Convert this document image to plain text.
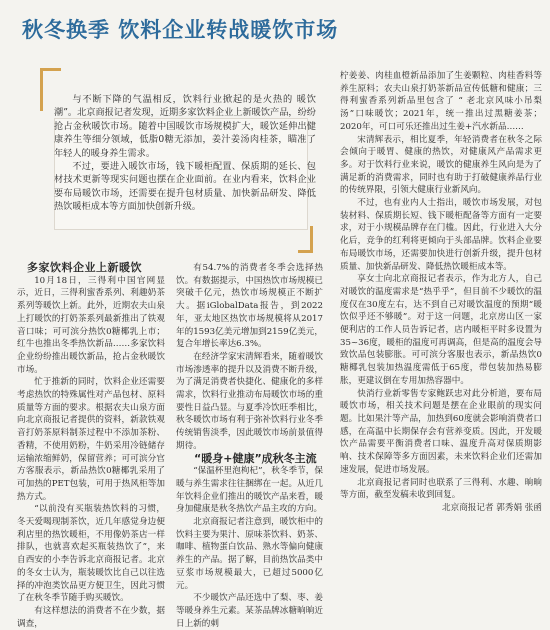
秋冬换季 饮料企业转战暖饮市场

与不断下降的气温相反，饮料行业掀起的是火热的 暖饮潮”。北京商报记者发现，近期多家饮料企业上新暖饮产品，纷纷抢占金秋暖饮市场。随着中国暖饮市场规模扩大，暖饮延伸出健康养生等细分领域，低脂0糖无添加，姜汁姜汤肉桂茶，瞄准了年轻人的暖身养生需求。

不过，要进入暖饮市场，钱下暖柜配置、保质期的延长、包材技术更新等现实问题也摆在企业面前。在业内看来，饮料企业要布局暖饮市场，还需要在提升包材质量、加快新品研发、降低热饮暖柜成本等方面加快创新升级。

多家饮料企业上新暖饮

10月18日，三得利中国官网显示，近日，三得利蜜香系列、利趣奶茶系列等暖饮上新。此外，近期农夫山泉上打暖饮的打奶茶系列最新推出了铁观音口味；可可滨分热饮0糖椰乳上市；红牛也推出冬季热饮新品……多家饮料企业纷纷推出暖饮新品，抢占金秋暖饮市场。

忙于推新的同时，饮料企业还需要考虑热饮的特殊属性对产品包材、原料质量等方面的要求。根据农夫山泉方面向北京商报记者提供的资料，新款铁观音打奶茶原料制茶过程中不添加茶粉、香精，不使用奶粉，牛奶采用冷链储存运输浓缩鲜奶，保留营养；可可滨分官方客服表示，新品热饮0糖椰乳采用了可加热的PET包装，可用于热风柜等加热方式。

“以前没有买瓶装热饮料的习惯，冬天爱喝现制茶饮，近几年感觉身边便利店里的热饮暖柜，不用像奶茶店一样排队，也就喜欢起买瓶装热饮了”，来自西安的小李告诉北京商报记者。北京的冬女士认为，瓶装暖饮比自己以往选择的冲泡类饮品更方便卫生，因此习惯了在秋冬季节随手购买暖饮。

有这样想法的消费者不在少数，据调查，

有54.7%的消费者冬季会选择热饮。有数据提示，中国热饮市场规模已突破千亿元，热饮市场规模正不断扩大。据iGlobalData报告，到2022年，亚太地区热饮市场规模将从2017年的1593亿美元增加到2159亿美元，复合年增长率达6.3%。

在经济学家宋清辉看来，随着暖饮市场渗透率的提升以及消费不断升级，为了满足消费者快捷化、健康化的多样需求，饮料行业推动布局暖饮市场的重要性日益凸显。与夏季冷饮旺季相比，秋冬暖饮市场有利于弥补饮料行业冬季传统销售淡季，因此暖饮市场前景值得期待。

“暖身+健康”成秋冬主流

“保温杯里泡枸杞”，秋冬季节，保暖与养生需求往往捆绑在一起。从近几年饮料企业们推出的暖饮产品来看，暖身加健康是秋冬热饮产品主攻的方向。

北京商报记者注意到，暖饮柜中的饮料主要为果汁、原味茶饮料、奶茶、咖啡、植物蛋白饮品、熟水等偏向健康养生的产品。据了解，目前热饮品类中豆浆市场规模最大，已超过5000亿元。

不少暖饮产品还选中了梨、枣、姜等暖身养生元素。某茶品牌冰糖晌晌近日上新的刺

柠姜姜、肉桂血橙新品添加了生姜颗粒、肉桂香料等养生原料；农夫山泉打奶茶新品宣传低糖和健康；三得利蜜香系列新品里包含了 “ 老北京风味小吊梨汤”口味暖饮；2021年，统一推出过黑糖姜茶；2020年，可口可乐还推出过生姜+汽水新品……

宋清辉表示，相比夏季，年轻消费者在秋冬之际会倾向于暖胃、健康的热饮，对健康风产品需求更多。对于饮料行业来说，暖饮的健康养生风向是为了满足新的消费需求，同时也有助于打破健康养品行业的传统界限，引领大健康行业新风向。

不过，也有业内人士指出，暖饮市场发展，对包装材料、保质期长短、钱下暖柜配备等方面有一定要求，对于小规模品牌存在门槛。因此，行业进入大分化后，竞争的红利将更倾向于头部品牌。饮料企业要布局暖饮市场，还需要加快进行创新升级，提升包材质量、加快新品研发、降低热饮暖柜成本等。

享女士向北京商报记者表示，作为北方人，自己对暖饮的温度需求是“热乎乎”，但目前不少暖饮的温度仅在30度左右，达不到自己对暖饮温度的预期“暖饮似乎还不够暖”。对于这一问题，北京房山区一家便利店的工作人员告诉记者，店内暖柜平时多设置为35~36度，暖柜的温度可再调高，但是高的温度会导致饮品包装膨胀。可可滨分客服也表示，新品热饮0糖椰乳包装加热温度需低于65度，带包装加热易膨胀，更建议倒在专用加热容器中。

快消行业新零售专家鲍跃忠对此分析道，要布局暖饮市场，相关技术问题是摆在企业眼前的现实问题。比如果汁等产品，加热到60度就会影响消费者口感，在高温中长期保存会有营养变质。因此，开发暖饮产品需要平衡消费者口味、温度升高对保质期影响、技术保障等多方面因素，未来饮料企业们还需加速发展，促进市场发展。

北京商报记者同时也联系了三得利、水趣、晌晌等方面，截至发稿未收到回复。

北京商报记者 郭秀娟 张函
